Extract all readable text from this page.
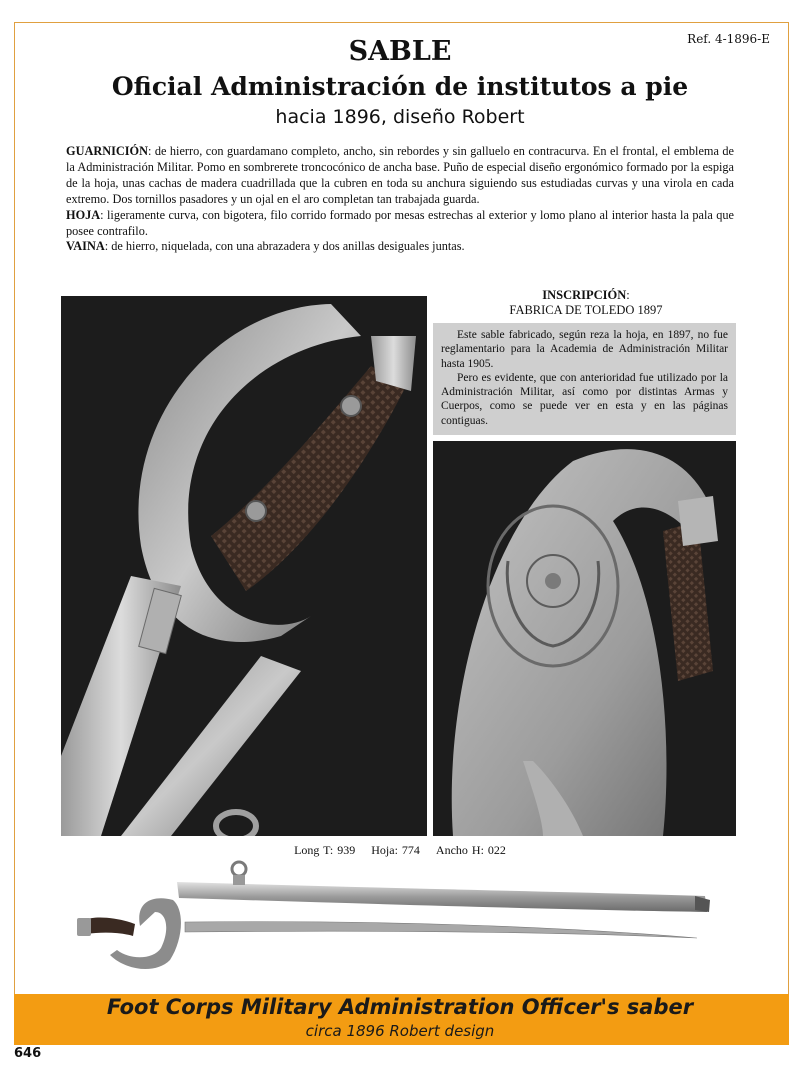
Ref. 4-1896-E
SABLE
Oficial Administración de institutos a pie
hacia 1896, diseño Robert

GUARNICIÓN: de hierro, con guardamano completo, ancho, sin rebordes y sin galluelo en contracurva. En el frontal, el emblema de la Administración Militar. Pomo en sombrerete troncocónico de ancha base. Puño de especial diseño ergonómico formado por la espiga de la hoja, unas cachas de madera cuadrillada que la cubren en toda su anchura siguiendo sus estudiadas curvas y una virola en cada extremo. Dos tornillos pasadores y un ojal en el aro completan tan trabajada guarda.

HOJA: ligeramente curva, con bigotera, filo corrido formado por mesas estrechas al exterior y lomo plano al interior hasta la pala que posee contrafilo.

VAINA: de hierro, niquelada, con una abrazadera y dos anillas desiguales juntas.

INSCRIPCIÓN:
FABRICA DE TOLEDO 1897

Este sable fabricado, según reza la hoja, en 1897, no fue reglamentario para la Academia de Administración Militar hasta 1905.

Pero es evidente, que con anterioridad fue utilizado por la Administración Militar, así como por distintas Armas y Cuerpos, como se puede ver en esta y en las páginas contiguas.

Long T: 939 Hoja: 774 Ancho H: 022
Foot Corps Military Administration Officer's saber
circa 1896 Robert design
646
